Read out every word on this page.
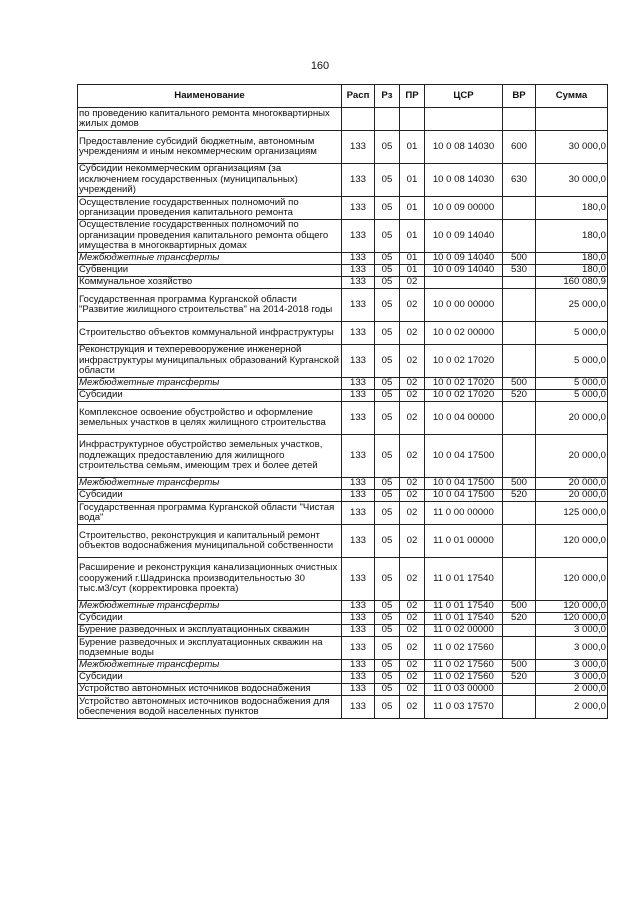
160
Наименование	Расп	Рз	ПР	ЦСР	ВР	Сумма
по проведению капитального ремонта многоквартирных жилых домов						
Предоставление субсидий бюджетным, автономным учреждениям и иным некоммерческим организациям	133	05	01	10 0 08 14030	600	30 000,0
Субсидии некоммерческим организациям (за исключением государственных (муниципальных) учреждений)	133	05	01	10 0 08 14030	630	30 000,0
Осуществление государственных полномочий по организации проведения капитального ремонта	133	05	01	10 0 09 00000		180,0
Осуществление государственных полномочий по организации проведения капитального ремонта общего имущества в многоквартирных домах	133	05	01	10 0 09 14040		180,0
Межбюджетные трансферты	133	05	01	10 0 09 14040	500	180,0
Субвенции	133	05	01	10 0 09 14040	530	180,0
Коммунальное хозяйство	133	05	02			160 080,9
Государственная программа Курганской области "Развитие жилищного строительства" на 2014-2018 годы	133	05	02	10 0 00 00000		25 000,0
Строительство объектов коммунальной инфраструктуры	133	05	02	10 0 02 00000		5 000,0
Реконструкция и техперевооружение инженерной инфраструктуры муниципальных образований Курганской области	133	05	02	10 0 02 17020		5 000,0
Межбюджетные трансферты	133	05	02	10 0 02 17020	500	5 000,0
Субсидии	133	05	02	10 0 02 17020	520	5 000,0
Комплексное освоение обустройство и оформление земельных участков в целях жилищного строительства	133	05	02	10 0 04 00000		20 000,0
Инфраструктурное обустройство земельных участков, подлежащих предоставлению для жилищного строительства семьям, имеющим трех и более детей	133	05	02	10 0 04 17500		20 000,0
Межбюджетные трансферты	133	05	02	10 0 04 17500	500	20 000,0
Субсидии	133	05	02	10 0 04 17500	520	20 000,0
Государственная программа Курганской области "Чистая вода"	133	05	02	11 0 00 00000		125 000,0
Строительство, реконструкция и капитальный ремонт объектов водоснабжения муниципальной собственности	133	05	02	11 0 01 00000		120 000,0
Расширение и реконструкция канализационных очистных сооружений г.Шадринска производительностью 30 тыс.м3/сут (корректировка проекта)	133	05	02	11 0 01 17540		120 000,0
Межбюджетные трансферты	133	05	02	11 0 01 17540	500	120 000,0
Субсидии	133	05	02	11 0 01 17540	520	120 000,0
Бурение разведочных и эксплуатационных скважин	133	05	02	11 0 02 00000		3 000,0
Бурение разведочных и эксплуатационных скважин на подземные воды	133	05	02	11 0 02 17560		3 000,0
Межбюджетные трансферты	133	05	02	11 0 02 17560	500	3 000,0
Субсидии	133	05	02	11 0 02 17560	520	3 000,0
Устройство автономных источников водоснабжения	133	05	02	11 0 03 00000		2 000,0
Устройство автономных источников водоснабжения для обеспечения водой населенных пунктов	133	05	02	11 0 03 17570		2 000,0
